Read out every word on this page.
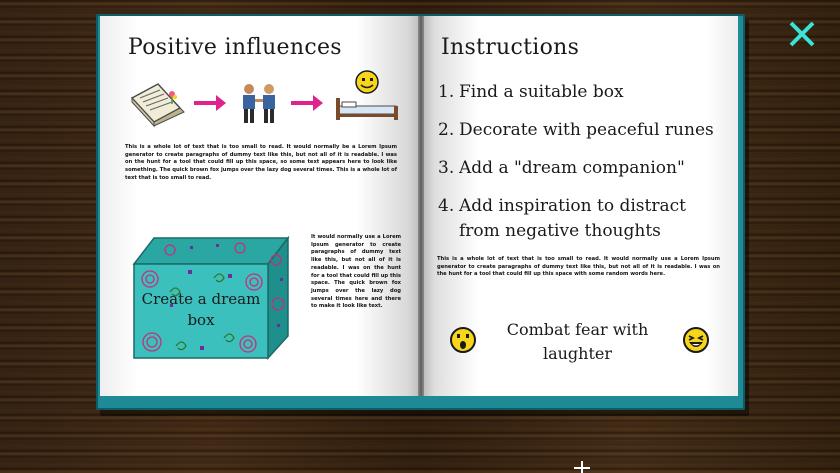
Positive influences
This is a whole lot of text that is too small to read. It would normally be a Lorem Ipsum generator to create paragraphs of dummy text like this, but not all of it is readable. I was on the hunt for a tool that could fill up this space, so some text appears here to look like something. The quick brown fox jumps over the lazy dog several times. This is a whole lot of text that is too small to read.
Create a dream box
It would normally use a Lorem Ipsum generator to create paragraphs of dummy text like this, but not all of it is readable. I was on the hunt for a tool that could fill up this space. The quick brown fox jumps over the lazy dog several times here and there to make it look like text.
Instructions
1. Find a suitable box
2. Decorate with peaceful runes
3. Add a "dream companion"
4. Add inspiration to distract from negative thoughts
This is a whole lot of text that is too small to read. It would normally use a Lorem Ipsum generator to create paragraphs of dummy text like this, but not all of it is readable. I was on the hunt for a tool that could fill up this space with some random words here.
Combat fear with laughter
